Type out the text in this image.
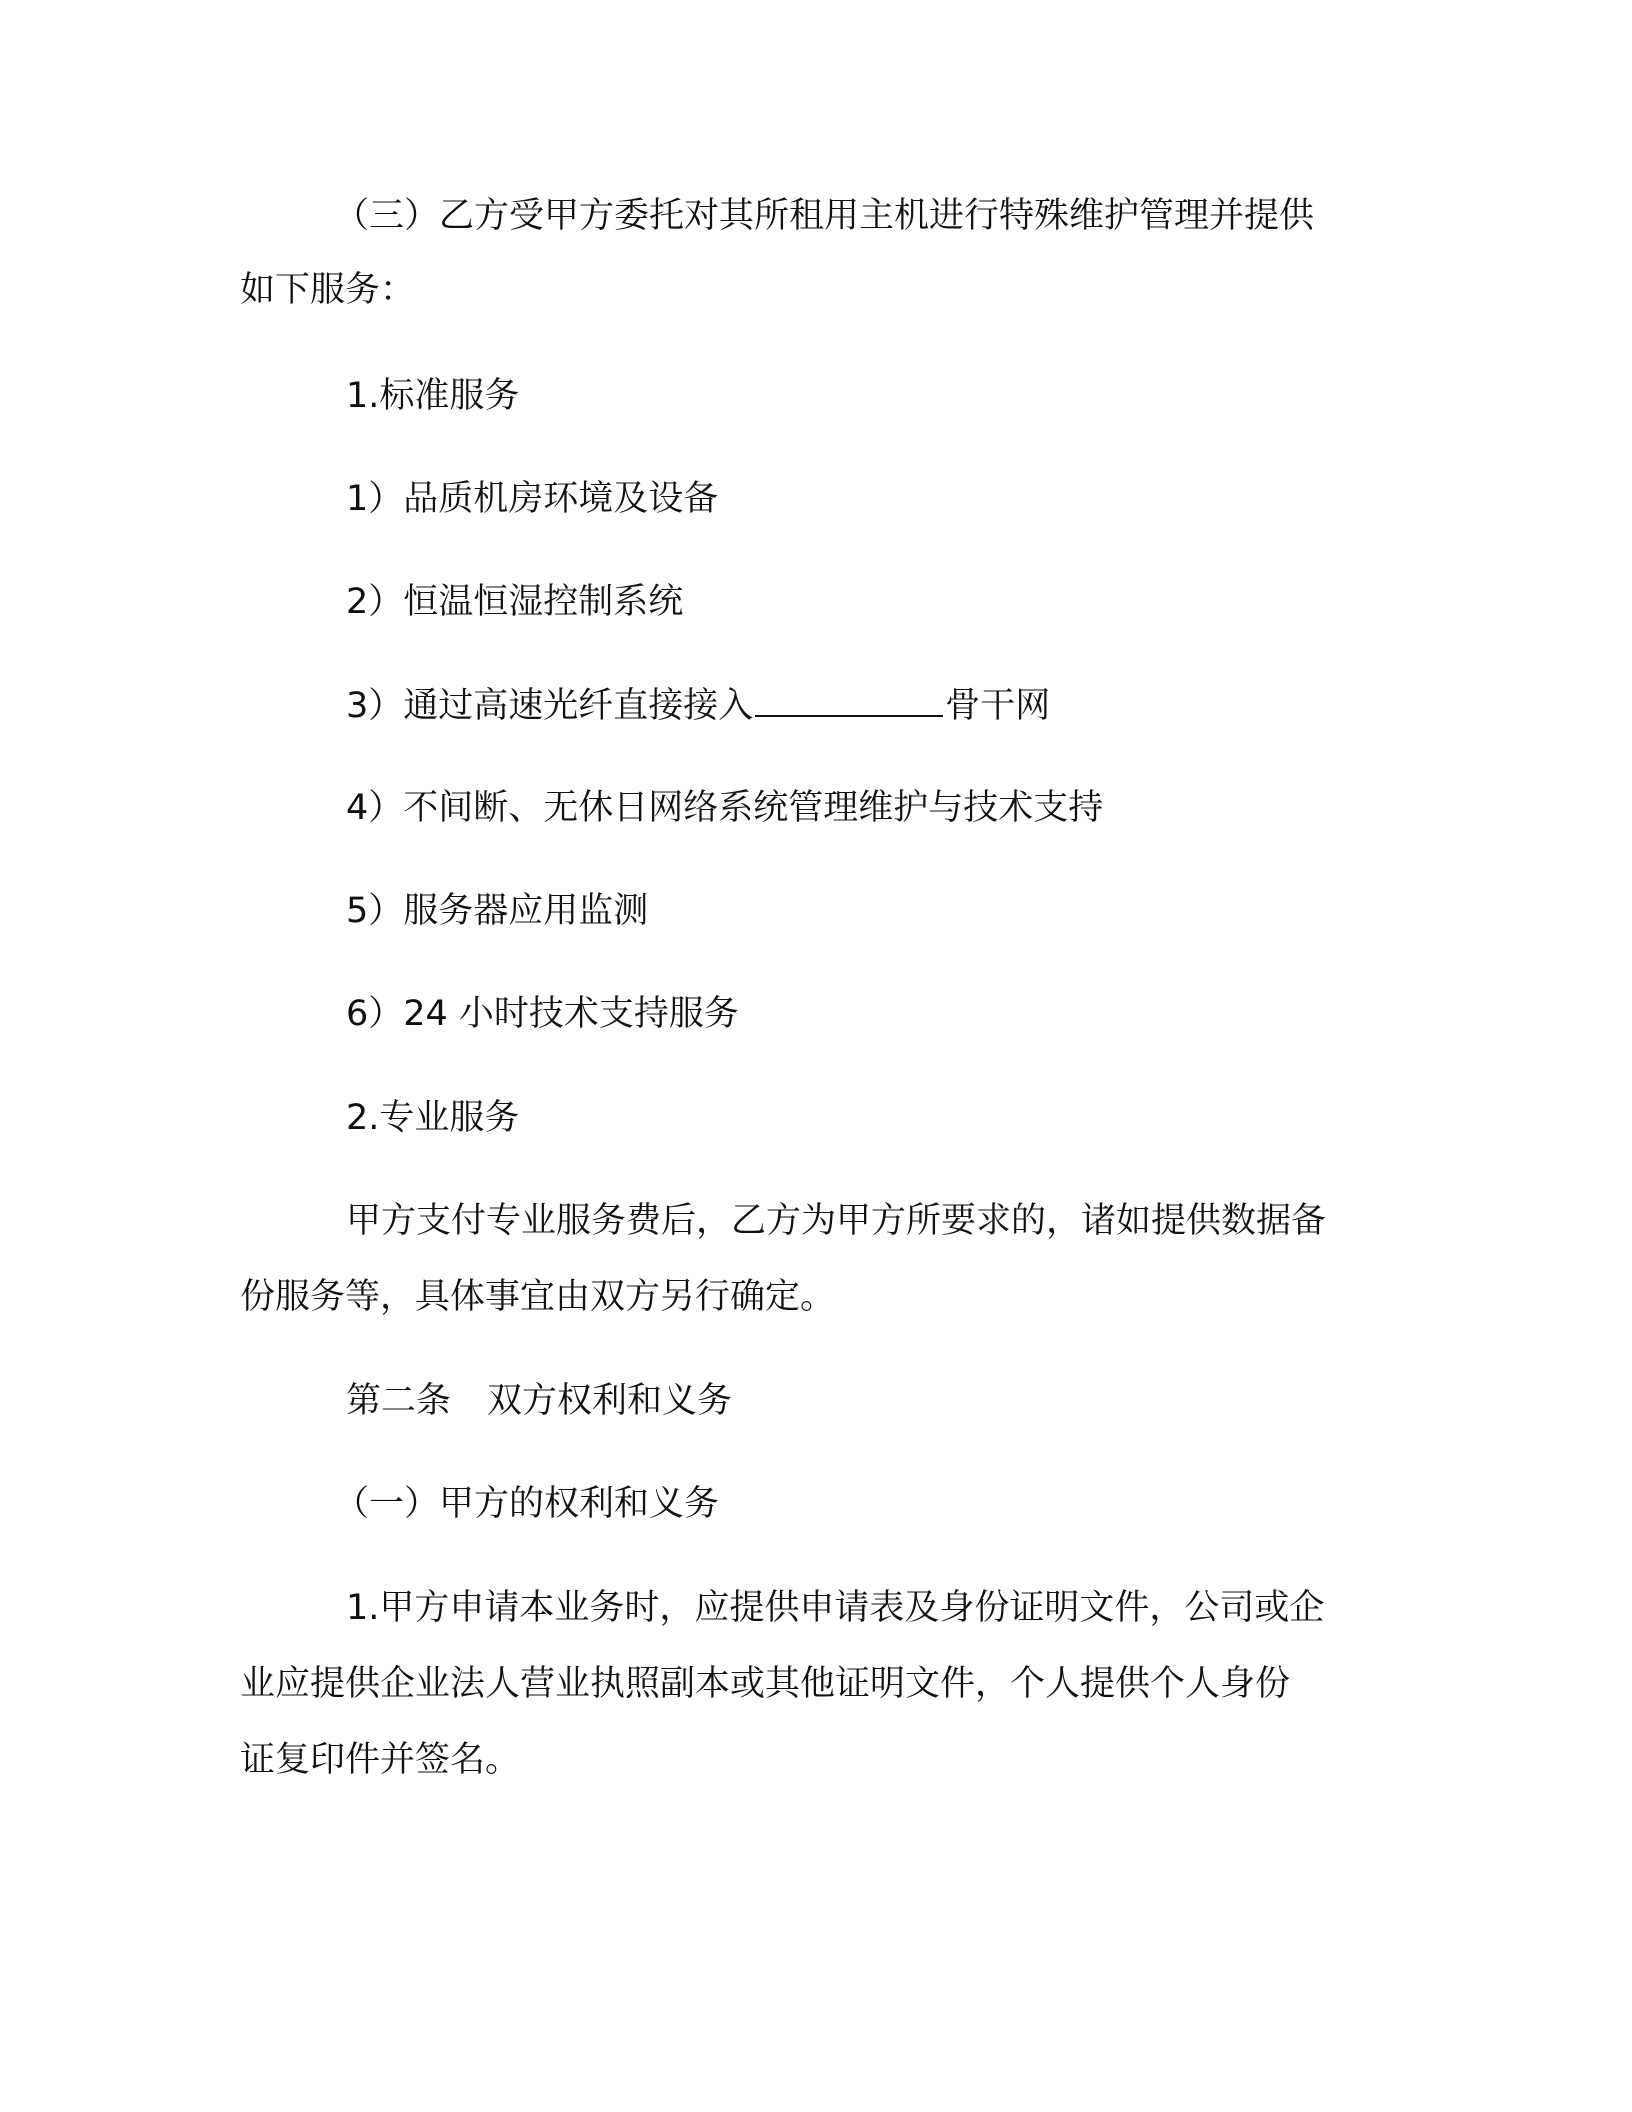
（三）乙方受甲方委托对其所租用主机进行特殊维护管理并提供
如下服务：
1.标准服务
1）品质机房环境及设备
2）恒温恒湿控制系统
3）通过高速光纤直接接入	骨干网
4）不间断、无休日网络系统管理维护与技术支持
5）服务器应用监测
6）24 小时技术支持服务
2.专业服务
甲方支付专业服务费后，乙方为甲方所要求的，诸如提供数据备
份服务等，具体事宜由双方另行确定。
第二条 双方权利和义务
（一）甲方的权利和义务
1.甲方申请本业务时，应提供申请表及身份证明文件，公司或企
业应提供企业法人营业执照副本或其他证明文件，个人提供个人身份
证复印件并签名。
